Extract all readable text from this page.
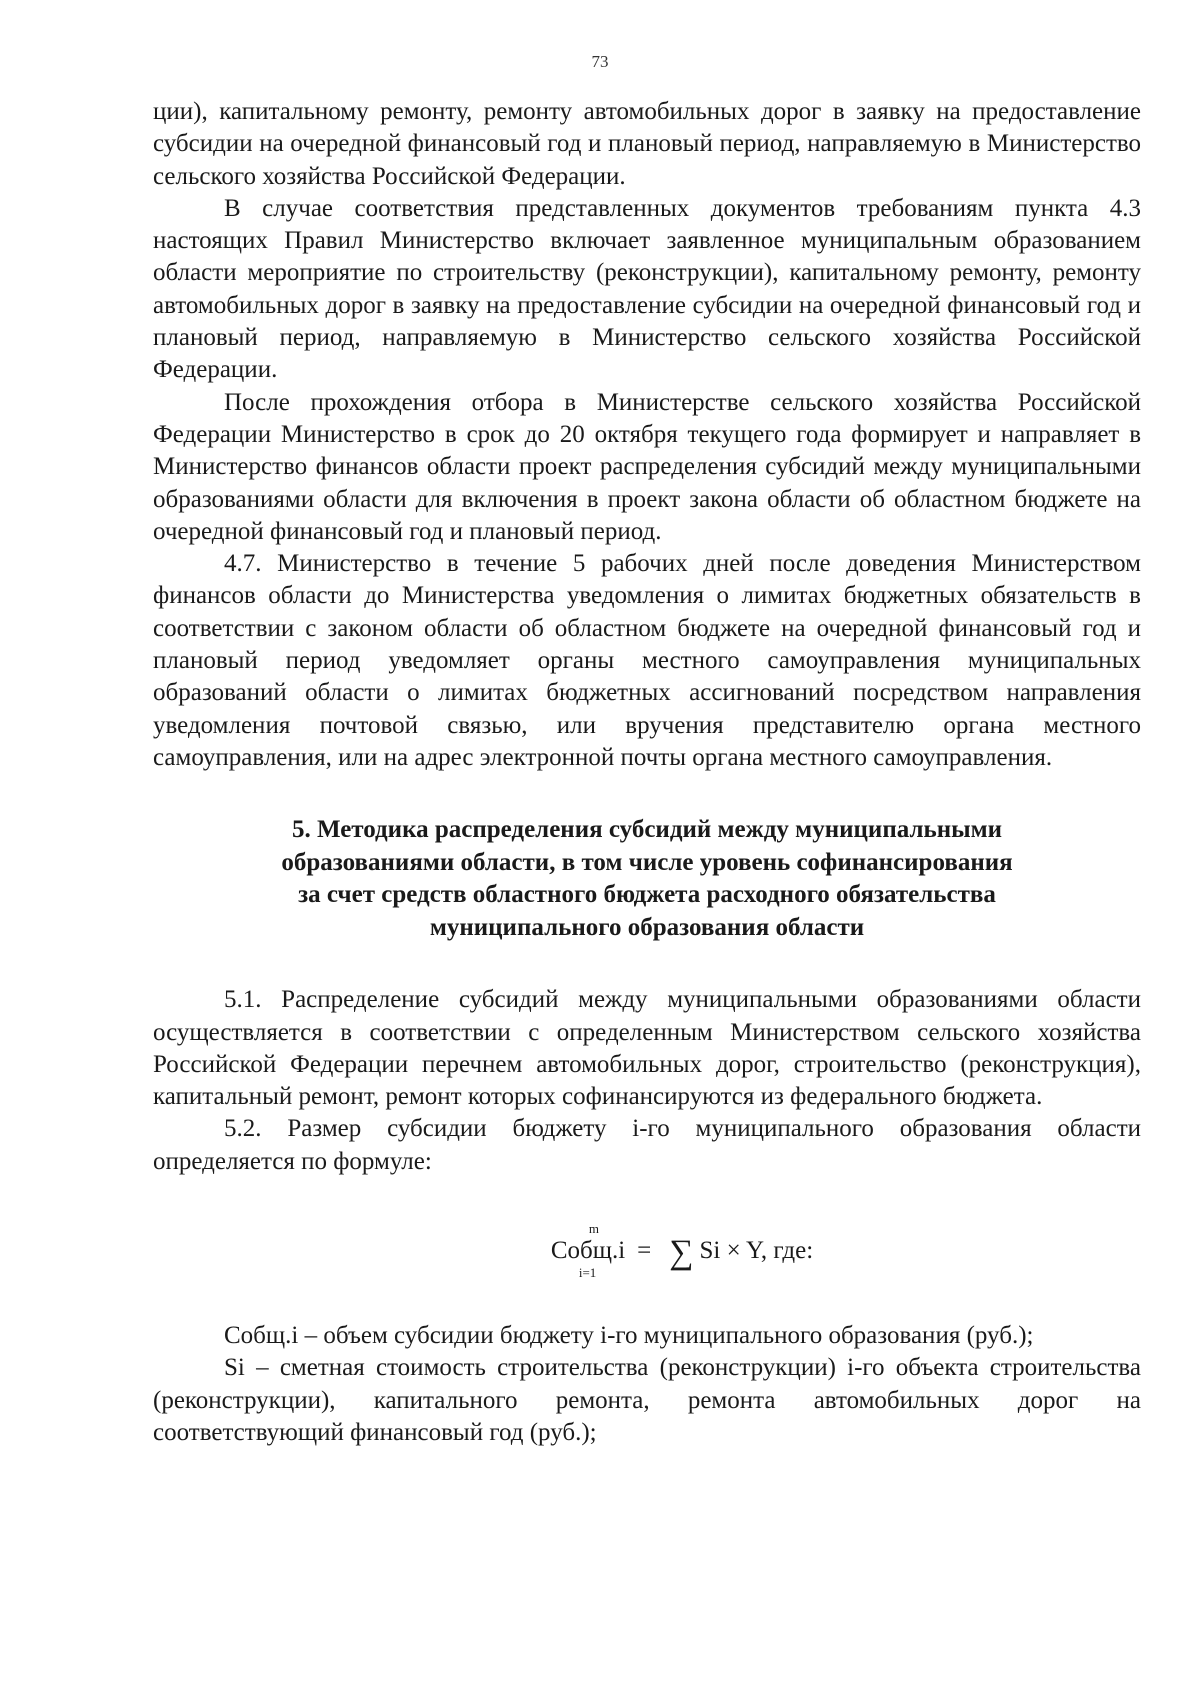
73

ции), капитальному ремонту, ремонту автомобильных дорог в заявку на предоставление субсидии на очередной финансовый год и плановый период, направляемую в Министерство сельского хозяйства Российской Федерации.

В случае соответствия представленных документов требованиям пункта 4.3 настоящих Правил Министерство включает заявленное муниципальным образованием области мероприятие по строительству (реконструкции), капитальному ремонту, ремонту автомобильных дорог в заявку на предоставление субсидии на очередной финансовый год и плановый период, направляемую в Министерство сельского хозяйства Российской Федерации.

После прохождения отбора в Министерстве сельского хозяйства Российской Федерации Министерство в срок до 20 октября текущего года формирует и направляет в Министерство финансов области проект распределения субсидий между муниципальными образованиями области для включения в проект закона области об областном бюджете на очередной финансовый год и плановый период.

4.7. Министерство в течение 5 рабочих дней после доведения Министерством финансов области до Министерства уведомления о лимитах бюджетных обязательств в соответствии с законом области об областном бюджете на очередной финансовый год и плановый период уведомляет органы местного самоуправления муниципальных образований области о лимитах бюджетных ассигнований посредством направления уведомления почтовой связью, или вручения представителю органа местного самоуправления, или на адрес электронной почты органа местного самоуправления.

5. Методика распределения субсидий между муниципальными
образованиями области, в том числе уровень софинансирования
за счет средств областного бюджета расходного обязательства
муниципального образования области

5.1. Распределение субсидий между муниципальными образованиями области осуществляется в соответствии с определенным Министерством сельского хозяйства Российской Федерации перечнем автомобильных дорог, строительство (реконструкция), капитальный ремонт, ремонт которых софинансируются из федерального бюджета.

5.2. Размер субсидии бюджету i-го муниципального образования области определяется по формуле:

Собщ.i
m
i=1
= ∑ Si × Y, где:

Собщ.i – объем субсидии бюджету i-го муниципального образования (руб.);

Si – сметная стоимость строительства (реконструкции) i-го объекта строительства (реконструкции), капитального ремонта, ремонта автомобильных дорог на соответствующий финансовый год (руб.);
